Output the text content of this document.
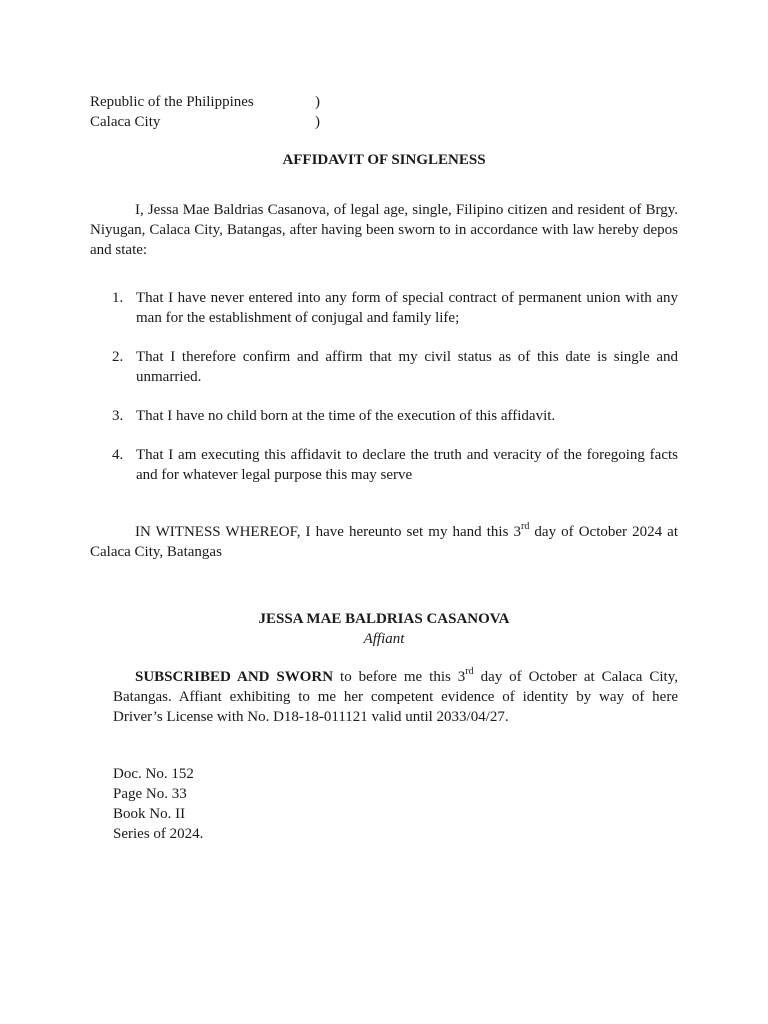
Republic of the Philippines	)
Calaca City	)
AFFIDAVIT OF SINGLENESS
I, Jessa Mae Baldrias Casanova, of legal age, single, Filipino citizen and resident of Brgy. Niyugan, Calaca City, Batangas, after having been sworn to in accordance with law hereby depos and state:
1. That I have never entered into any form of special contract of permanent union with any man for the establishment of conjugal and family life;
2. That I therefore confirm and affirm that my civil status as of this date is single and unmarried.
3. That I have no child born at the time of the execution of this affidavit.
4. That I am executing this affidavit to declare the truth and veracity of the foregoing facts and for whatever legal purpose this may serve
IN WITNESS WHEREOF, I have hereunto set my hand this 3rd day of October 2024 at Calaca City, Batangas
JESSA MAE BALDRIAS CASANOVA
Affiant
SUBSCRIBED AND SWORN to before me this 3rd day of October at Calaca City, Batangas. Affiant exhibiting to me her competent evidence of identity by way of here Driver’s License with No. D18-18-011121 valid until 2033/04/27.
Doc. No. 152
Page No. 33
Book No. II
Series of 2024.
